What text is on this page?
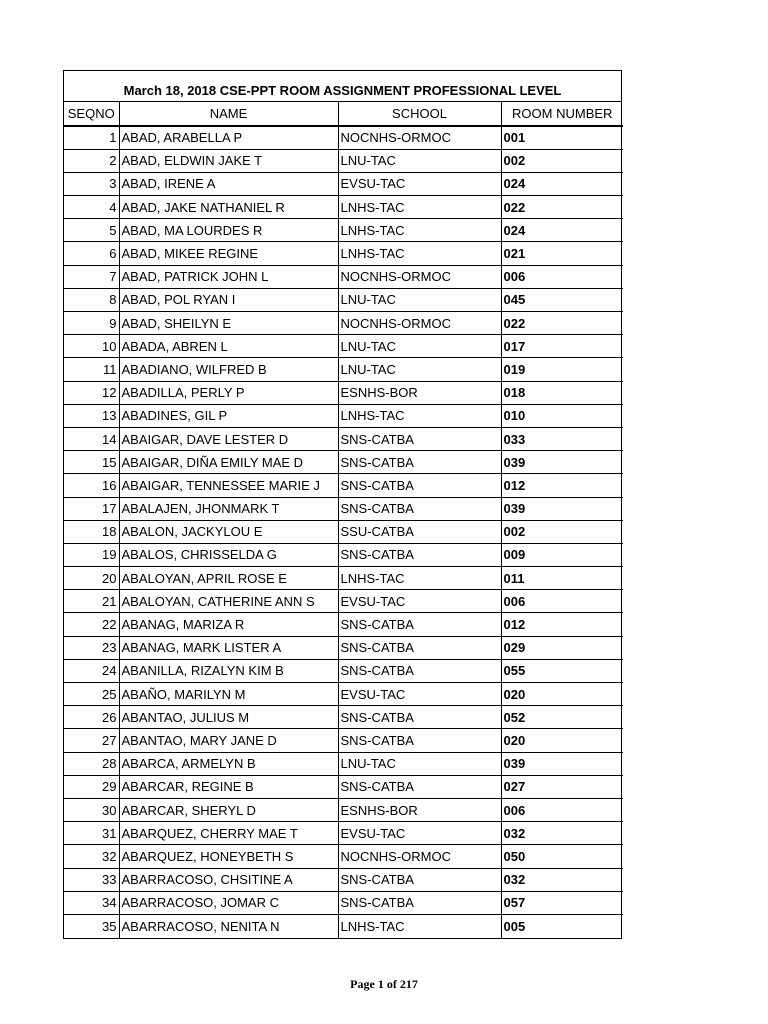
March 18, 2018 CSE-PPT ROOM ASSIGNMENT PROFESSIONAL LEVEL
SEQNO	NAME	SCHOOL	ROOM NUMBER
1	ABAD, ARABELLA P	NOCNHS-ORMOC	001
2	ABAD, ELDWIN JAKE T	LNU-TAC	002
3	ABAD, IRENE A	EVSU-TAC	024
4	ABAD, JAKE NATHANIEL R	LNHS-TAC	022
5	ABAD, MA LOURDES R	LNHS-TAC	024
6	ABAD, MIKEE REGINE	LNHS-TAC	021
7	ABAD, PATRICK JOHN L	NOCNHS-ORMOC	006
8	ABAD, POL RYAN I	LNU-TAC	045
9	ABAD, SHEILYN E	NOCNHS-ORMOC	022
10	ABADA, ABREN L	LNU-TAC	017
11	ABADIANO, WILFRED B	LNU-TAC	019
12	ABADILLA, PERLY P	ESNHS-BOR	018
13	ABADINES, GIL P	LNHS-TAC	010
14	ABAIGAR, DAVE LESTER D	SNS-CATBA	033
15	ABAIGAR, DIÑA EMILY MAE D	SNS-CATBA	039
16	ABAIGAR, TENNESSEE MARIE J	SNS-CATBA	012
17	ABALAJEN, JHONMARK T	SNS-CATBA	039
18	ABALON, JACKYLOU E	SSU-CATBA	002
19	ABALOS, CHRISSELDA G	SNS-CATBA	009
20	ABALOYAN, APRIL ROSE E	LNHS-TAC	011
21	ABALOYAN, CATHERINE ANN S	EVSU-TAC	006
22	ABANAG, MARIZA R	SNS-CATBA	012
23	ABANAG, MARK LISTER A	SNS-CATBA	029
24	ABANILLA, RIZALYN KIM B	SNS-CATBA	055
25	ABAÑO, MARILYN M	EVSU-TAC	020
26	ABANTAO, JULIUS M	SNS-CATBA	052
27	ABANTAO, MARY JANE D	SNS-CATBA	020
28	ABARCA, ARMELYN B	LNU-TAC	039
29	ABARCAR, REGINE B	SNS-CATBA	027
30	ABARCAR, SHERYL D	ESNHS-BOR	006
31	ABARQUEZ, CHERRY MAE T	EVSU-TAC	032
32	ABARQUEZ, HONEYBETH S	NOCNHS-ORMOC	050
33	ABARRACOSO, CHSITINE A	SNS-CATBA	032
34	ABARRACOSO, JOMAR C	SNS-CATBA	057
35	ABARRACOSO, NENITA N	LNHS-TAC	005
Page 1 of 217
